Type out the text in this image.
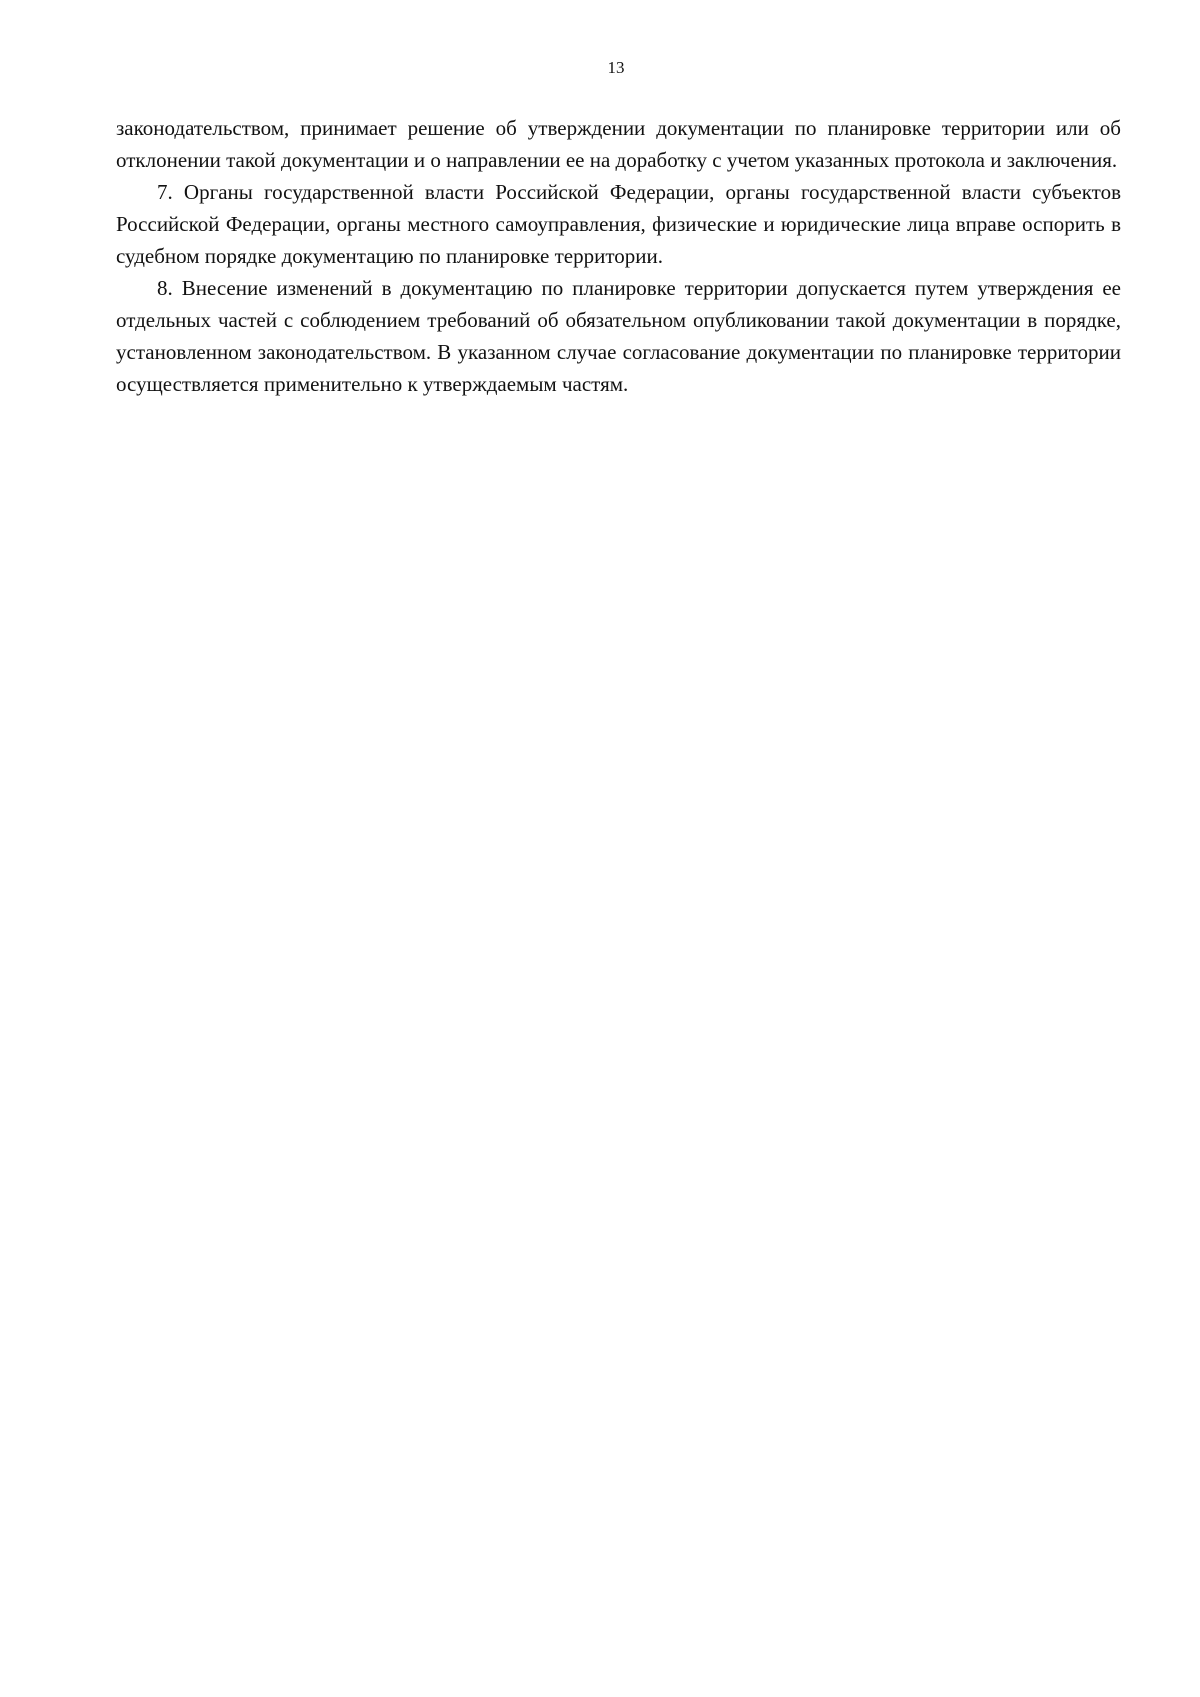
13

законодательством, принимает решение об утверждении документации по планировке территории или об отклонении такой документации и о направлении ее на доработку с учетом указанных протокола и заключения.

7. Органы государственной власти Российской Федерации, органы государственной власти субъектов Российской Федерации, органы местного самоуправления, физические и юридические лица вправе оспорить в судебном порядке документацию по планировке территории.

8. Внесение изменений в документацию по планировке территории допускается путем утверждения ее отдельных частей с соблюдением требований об обязательном опубликовании такой документации в порядке, установленном законодательством. В указанном случае согласование документации по планировке территории осуществляется применительно к утверждаемым частям.
